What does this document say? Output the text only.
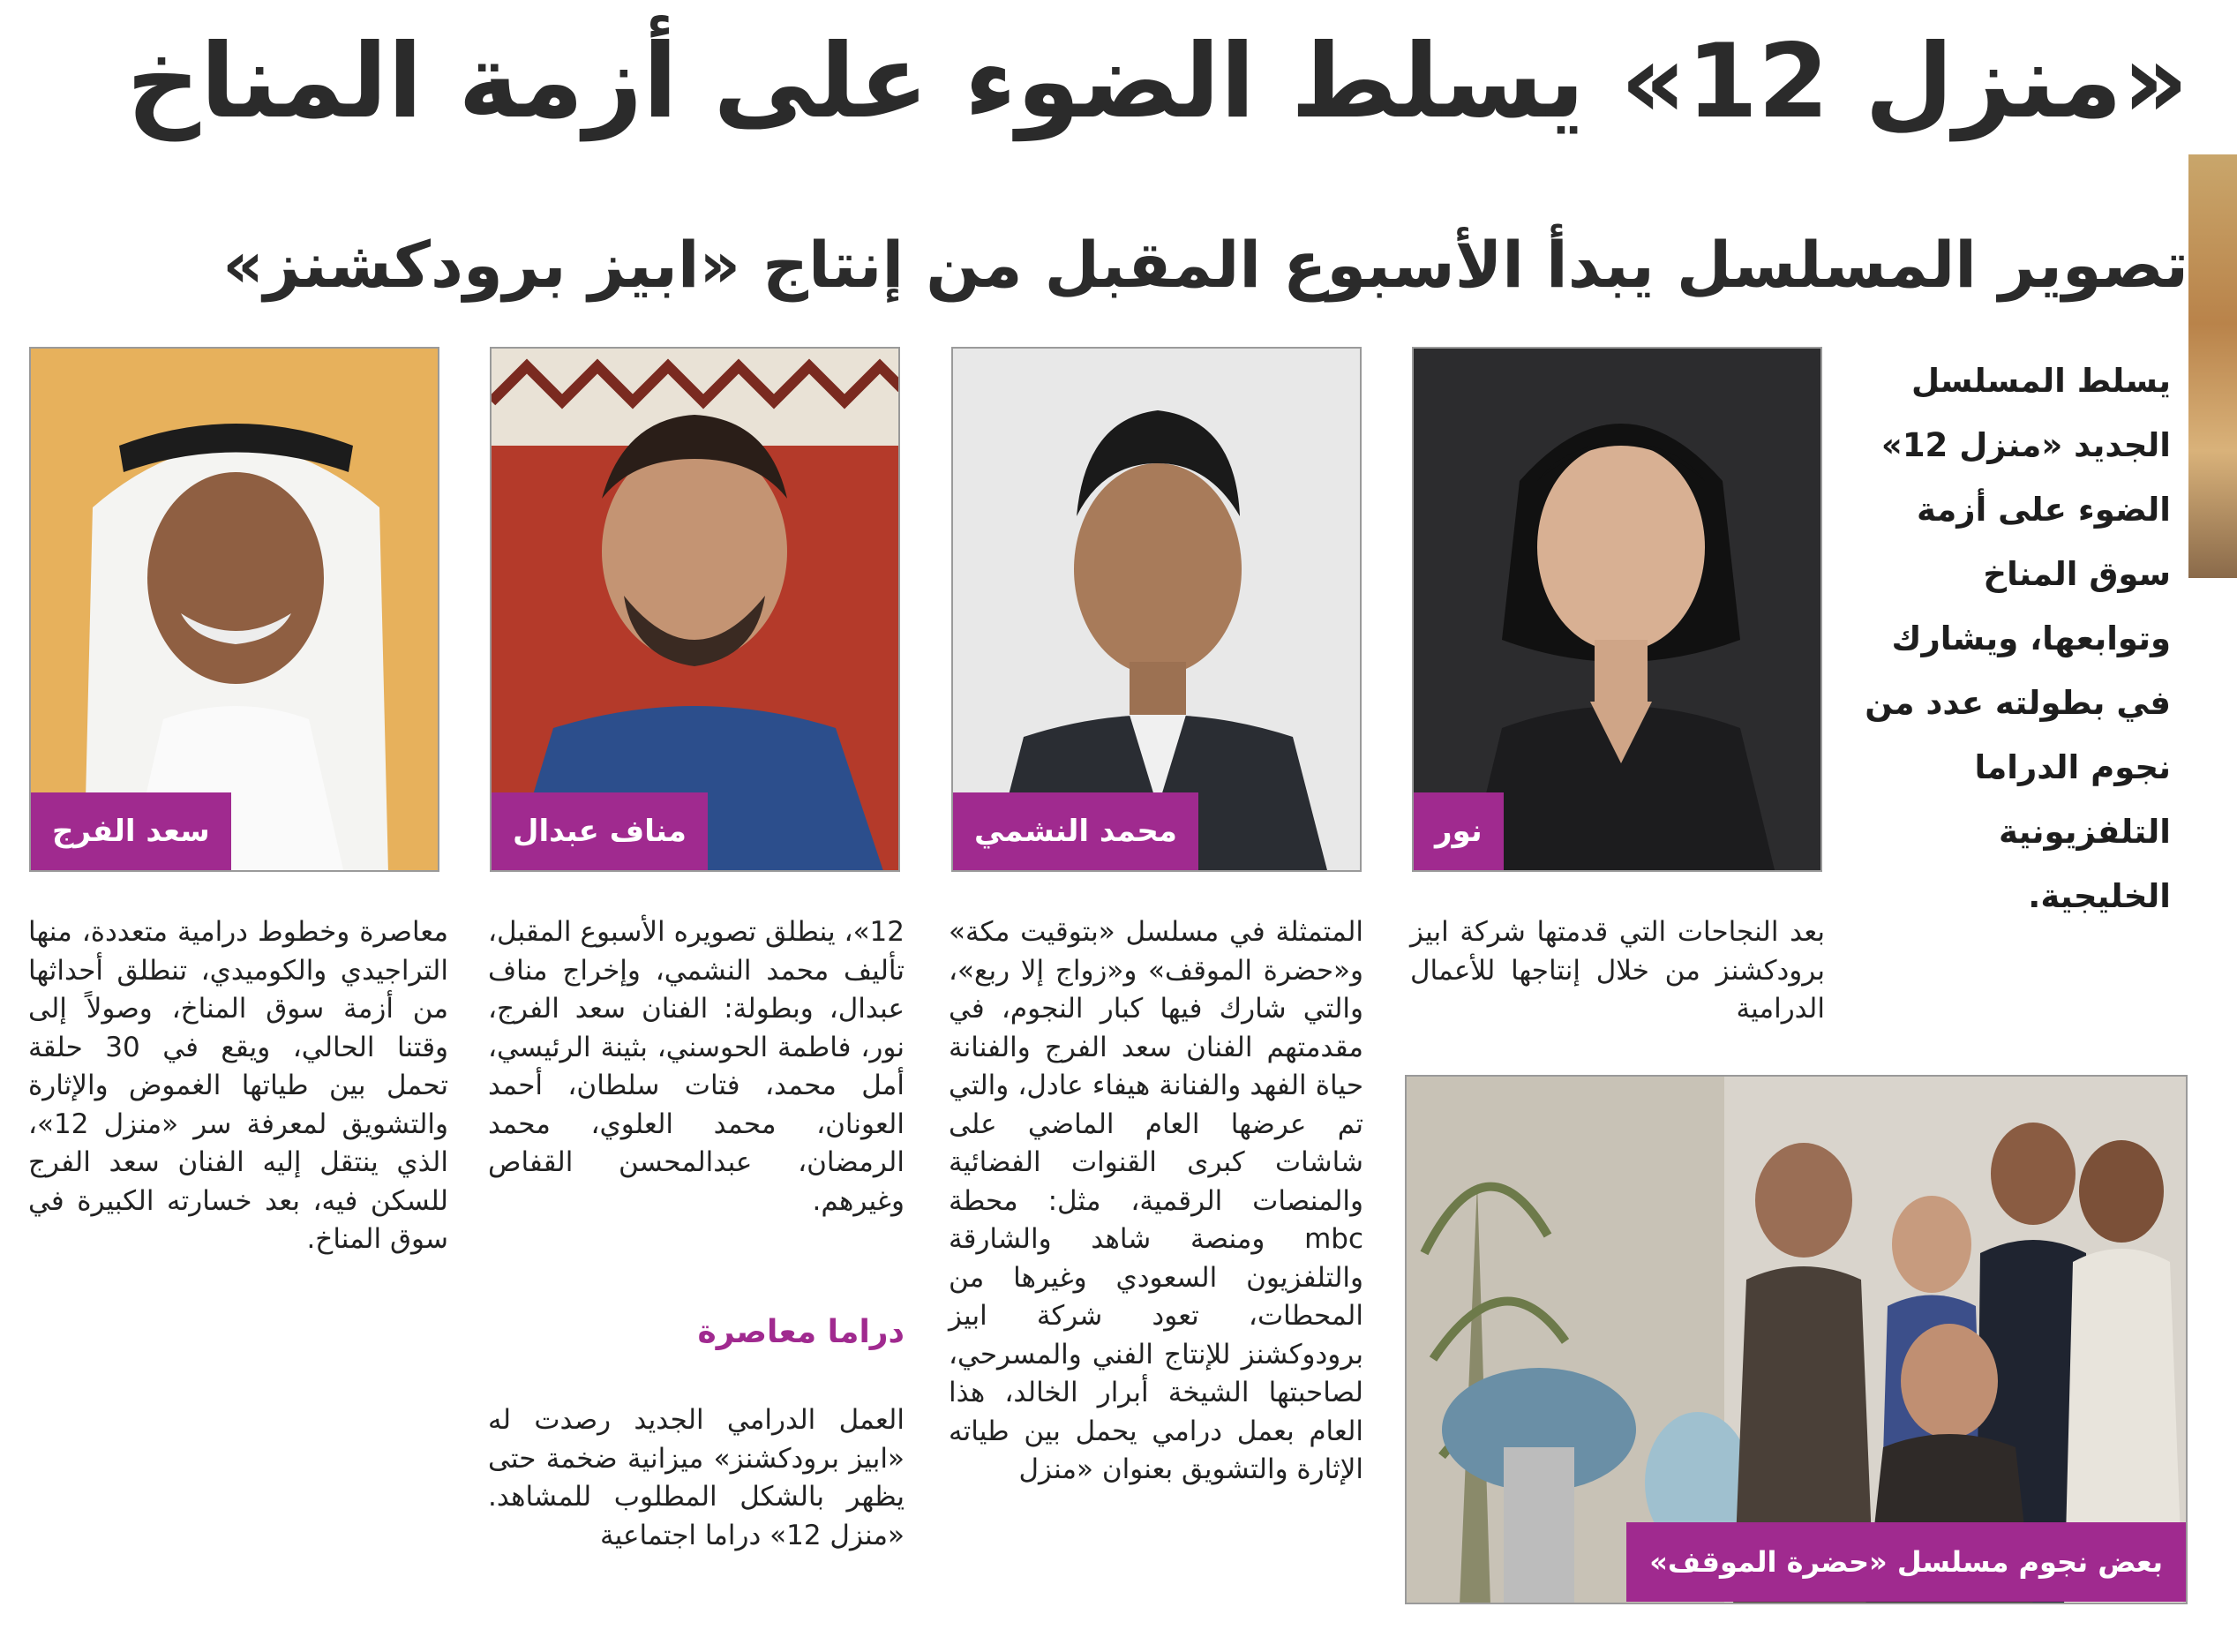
«منزل 12» يسلط الضوء على أزمة المناخ
تصوير المسلسل يبدأ الأسبوع المقبل من إنتاج «ابيز برودكشنز»

يسلط المسلسل الجديد «منزل 12» الضوء على أزمة سوق المناخ وتوابعها، ويشارك في بطولته عدد من نجوم الدراما التلفزيونية الخليجية.

نور
محمد النشمي
مناف عبدال
سعد الفرج

بعد النجاحات التي قدمتها شركة ابيز برودكشنز من خلال إنتاجها للأعمال الدرامية

المتمثلة في مسلسل «بتوقيت مكة» و«حضرة الموقف» و«زواج إلا ربع»، والتي شارك فيها كبار النجوم، في مقدمتهم الفنان سعد الفرج والفنانة حياة الفهد والفنانة هيفاء عادل، والتي تم عرضها العام الماضي على شاشات كبرى القنوات الفضائية والمنصات الرقمية، مثل: محطة mbc ومنصة شاهد والشارقة والتلفزيون السعودي وغيرها من المحطات، تعود شركة ابيز برودوكشنز للإنتاج الفني والمسرحي، لصاحبتها الشيخة أبرار الخالد، هذا العام بعمل درامي يحمل بين طياته الإثارة والتشويق بعنوان «منزل

12»، ينطلق تصويره الأسبوع المقبل، تأليف محمد النشمي، وإخراج مناف عبدال، وبطولة: الفنان سعد الفرج، نور، فاطمة الحوسني، بثينة الرئيسي، أمل محمد، فتات سلطان، أحمد العونان، محمد العلوي، محمد الرمضان، عبدالمحسن القفاص وغيرهم.

دراما معاصرة

العمل الدرامي الجديد رصدت له «ابيز برودكشنز» ميزانية ضخمة حتى يظهر بالشكل المطلوب للمشاهد. «منزل 12» دراما اجتماعية

معاصرة وخطوط درامية متعددة، منها التراجيدي والكوميدي، تنطلق أحداثها من أزمة سوق المناخ، وصولاً إلى وقتنا الحالي، ويقع في 30 حلقة تحمل بين طياتها الغموض والإثارة والتشويق لمعرفة سر «منزل 12»، الذي ينتقل إليه الفنان سعد الفرج للسكن فيه، بعد خسارته الكبيرة في سوق المناخ.

بعض نجوم مسلسل «حضرة الموقف»
